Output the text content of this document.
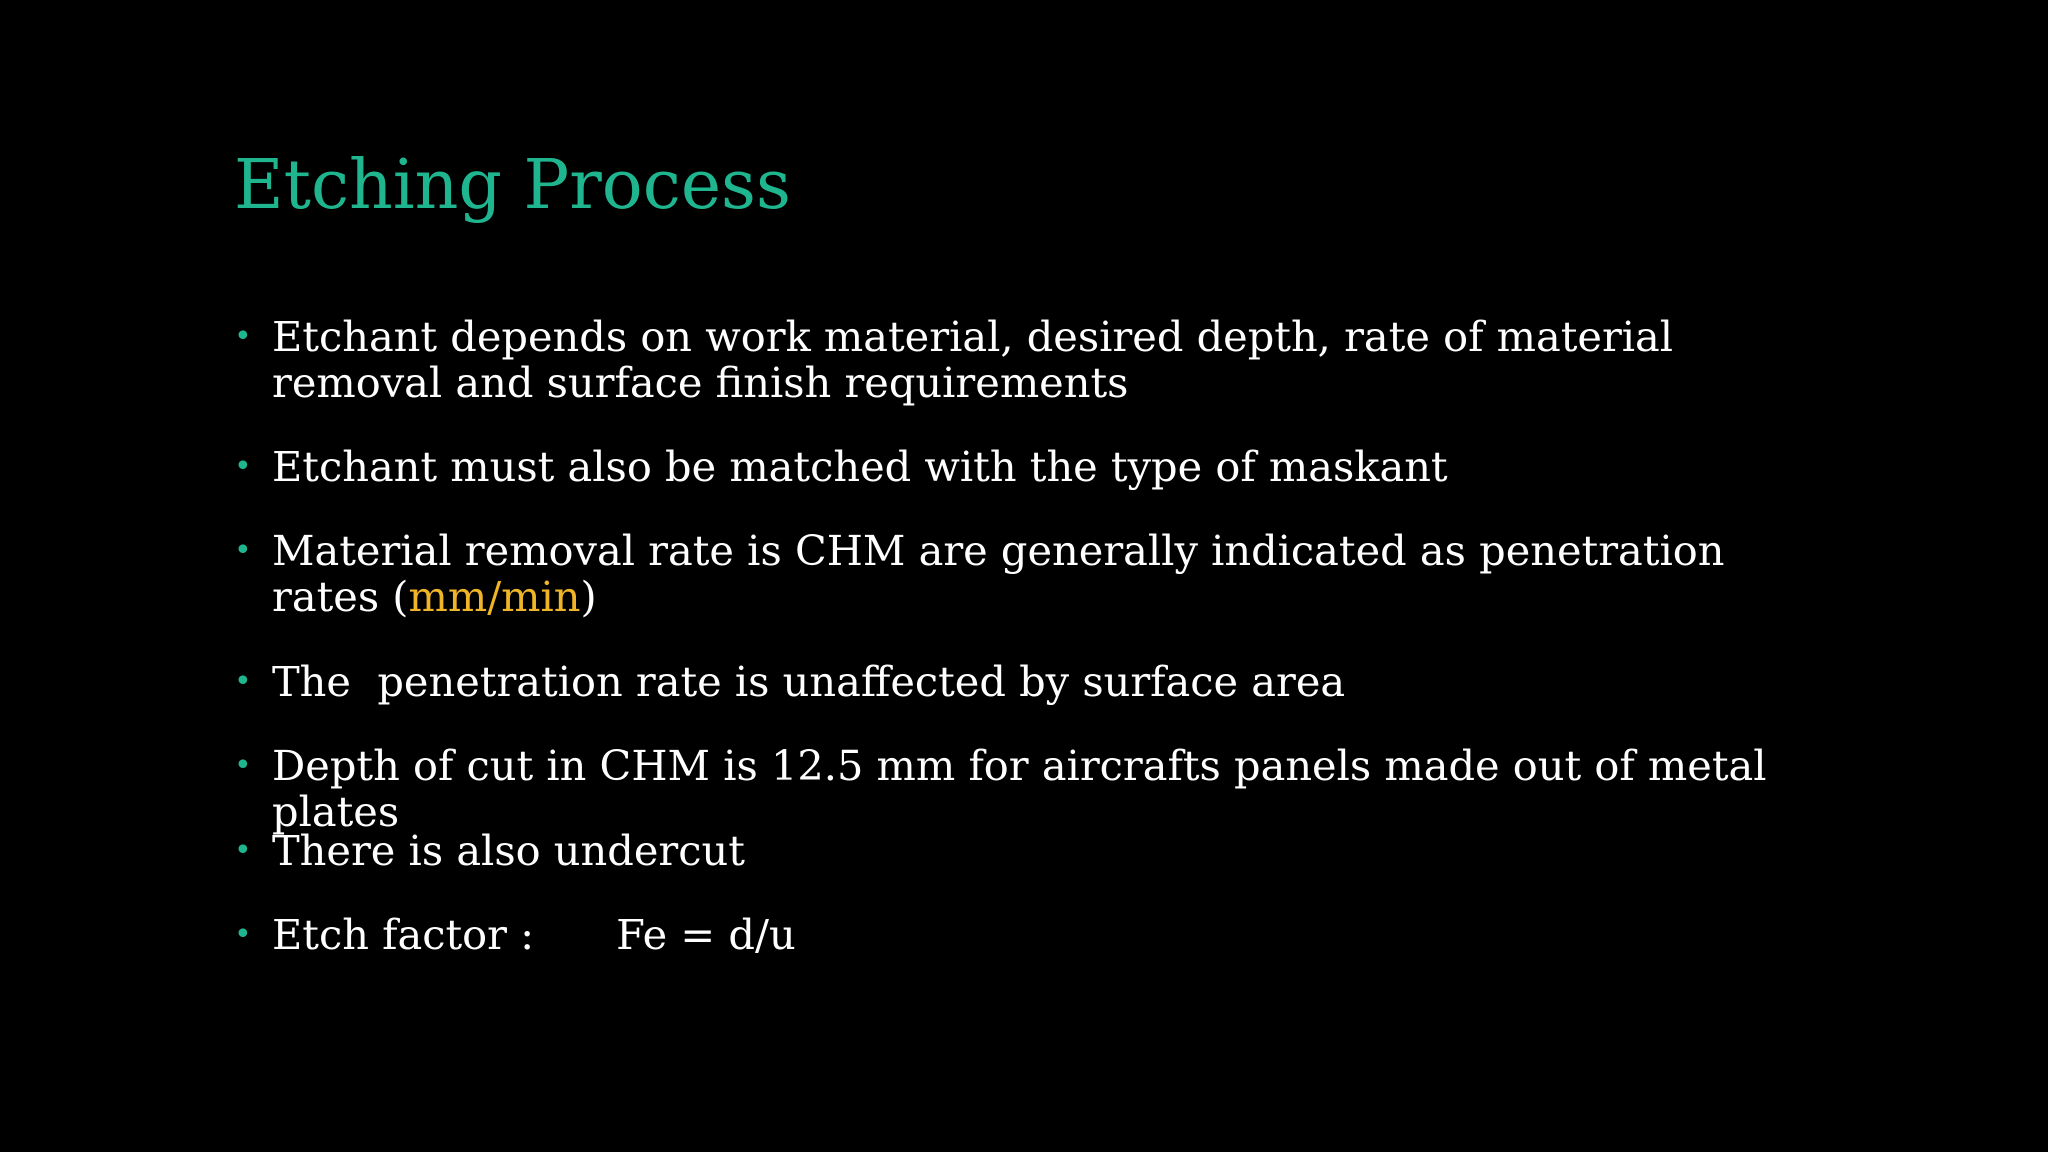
Etching Process
• Etchant depends on work material, desired depth, rate of material removal and surface finish requirements
• Etchant must also be matched with the type of maskant
• Material removal rate is CHM are generally indicated as penetration rates (mm/min)
• The  penetration rate is unaffected by surface area
• Depth of cut in CHM is 12.5 mm for aircrafts panels made out of metal plates
• There is also undercut
• Etch factor : Fe = d/u
